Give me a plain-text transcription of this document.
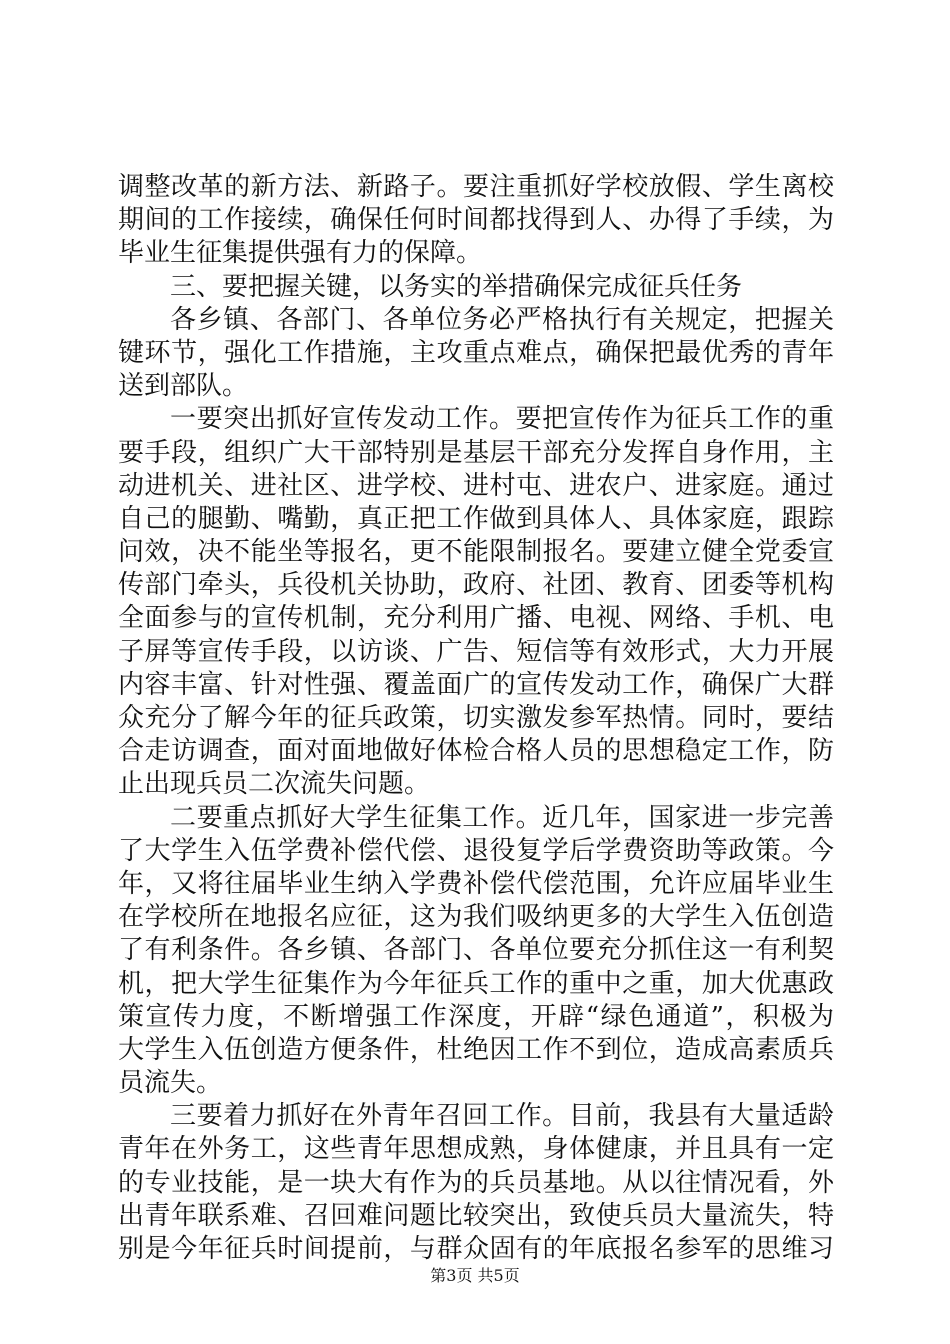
调整改革的新方法、新路子。要注重抓好学校放假、学生离校
期间的工作接续，确保任何时间都找得到人、办得了手续，为
毕业生征集提供强有力的保障。
三、要把握关键，以务实的举措确保完成征兵任务
各乡镇、各部门、各单位务必严格执行有关规定，把握关
键环节，强化工作措施，主攻重点难点，确保把最优秀的青年
送到部队。
一要突出抓好宣传发动工作。要把宣传作为征兵工作的重
要手段，组织广大干部特别是基层干部充分发挥自身作用，主
动进机关、进社区、进学校、进村屯、进农户、进家庭。通过
自己的腿勤、嘴勤，真正把工作做到具体人、具体家庭，跟踪
问效，决不能坐等报名，更不能限制报名。要建立健全党委宣
传部门牵头，兵役机关协助，政府、社团、教育、团委等机构
全面参与的宣传机制，充分利用广播、电视、网络、手机、电
子屏等宣传手段，以访谈、广告、短信等有效形式，大力开展
内容丰富、针对性强、覆盖面广的宣传发动工作，确保广大群
众充分了解今年的征兵政策，切实激发参军热情。同时，要结
合走访调查，面对面地做好体检合格人员的思想稳定工作，防
止出现兵员二次流失问题。
二要重点抓好大学生征集工作。近几年，国家进一步完善
了大学生入伍学费补偿代偿、退役复学后学费资助等政策。今
年，又将往届毕业生纳入学费补偿代偿范围，允许应届毕业生
在学校所在地报名应征，这为我们吸纳更多的大学生入伍创造
了有利条件。各乡镇、各部门、各单位要充分抓住这一有利契
机，把大学生征集作为今年征兵工作的重中之重，加大优惠政
策宣传力度，不断增强工作深度，开辟“绿色通道”，积极为
大学生入伍创造方便条件，杜绝因工作不到位，造成高素质兵
员流失。
三要着力抓好在外青年召回工作。目前，我县有大量适龄
青年在外务工，这些青年思想成熟，身体健康，并且具有一定
的专业技能，是一块大有作为的兵员基地。从以往情况看，外
出青年联系难、召回难问题比较突出，致使兵员大量流失，特
别是今年征兵时间提前，与群众固有的年底报名参军的思维习
第3页 共5页
